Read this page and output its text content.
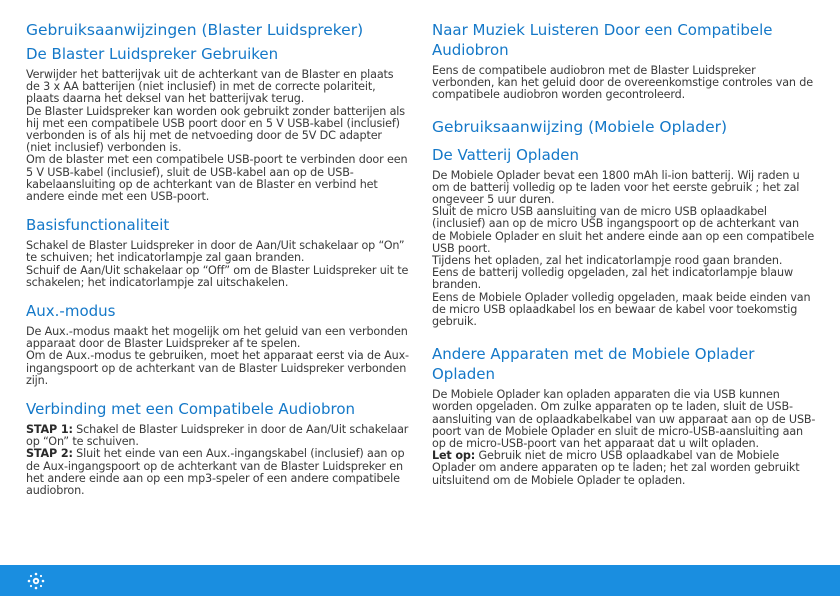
Gebruiksaanwijzingen (Blaster Luidspreker)
De Blaster Luidspreker Gebruiken

Verwijder het batterijvak uit de achterkant van de Blaster en plaats de 3 x AA batterijen (niet inclusief) in met de correcte polariteit, plaats daarna het deksel van het batterijvak terug.

De Blaster Luidspreker kan worden ook gebruikt zonder batterijen als hij met een compatibele USB poort door en 5 V USB-kabel (inclusief) verbonden is of als hij met de netvoeding door de 5V DC adapter (niet inclusief) verbonden is.

Om de blaster met een compatibele USB-poort te verbinden door een 5 V USB-kabel (inclusief), sluit de USB-kabel aan op de USB-kabelaansluiting op de achterkant van de Blaster en verbind het andere einde met een USB-poort.

Basisfunctionaliteit

Schakel de Blaster Luidspreker in door de Aan/Uit schakelaar op “On” te schuiven; het indicatorlampje zal gaan branden.

Schuif de Aan/Uit schakelaar op “Off” om de Blaster Luidspreker uit te schakelen; het indicatorlampje zal uitschakelen.

Aux.-modus

De Aux.-modus maakt het mogelijk om het geluid van een verbonden apparaat door de Blaster Luidspreker af te spelen.

Om de Aux.-modus te gebruiken, moet het apparaat eerst via de Aux-ingangspoort op de achterkant van de Blaster Luidspreker verbonden zijn.

Verbinding met een Compatibele Audiobron

STAP 1: Schakel de Blaster Luidspreker in door de Aan/Uit schakelaar op “On” te schuiven.

STAP 2: Sluit het einde van een Aux.-ingangskabel (inclusief) aan op de Aux-ingangspoort op de achterkant van de Blaster Luidspreker en het andere einde aan op een mp3-speler of een andere compatibele audiobron.

Naar Muziek Luisteren Door een Compatibele Audiobron

Eens de compatibele audiobron met de Blaster Luidspreker verbonden, kan het geluid door de overeenkomstige controles van de compatibele audiobron worden gecontroleerd.

Gebruiksaanwijzing (Mobiele Oplader)
De Vatterij Opladen

De Mobiele Oplader bevat een 1800 mAh li-ion batterij. Wij raden u om de batterij volledig op te laden voor het eerste gebruik ; het zal ongeveer 5 uur duren.

Sluit de micro USB aansluiting van de micro USB oplaadkabel (inclusief) aan op de micro USB ingangspoort op de achterkant van de Mobiele Oplader en sluit het andere einde aan op een compatibele USB poort.

Tijdens het opladen, zal het indicatorlampje rood gaan branden.

Eens de batterij volledig opgeladen, zal het indicatorlampje blauw branden.

Eens de Mobiele Oplader volledig opgeladen, maak beide einden van de micro USB oplaadkabel los en bewaar de kabel voor toekomstig gebruik.

Andere Apparaten met de Mobiele Oplader Opladen

De Mobiele Oplader kan opladen apparaten die via USB kunnen worden opgeladen. Om zulke apparaten op te laden, sluit de USB-aansluiting van de oplaadkabelkabel van uw apparaat aan op de USB-poort van de Mobiele Oplader en sluit de micro-USB-aansluiting aan op de micro-USB-poort van het apparaat dat u wilt opladen.

Let op: Gebruik niet de micro USB oplaadkabel van de Mobiele Oplader om andere apparaten op te laden; het zal worden gebruikt uitsluitend om de Mobiele Oplader te opladen.
